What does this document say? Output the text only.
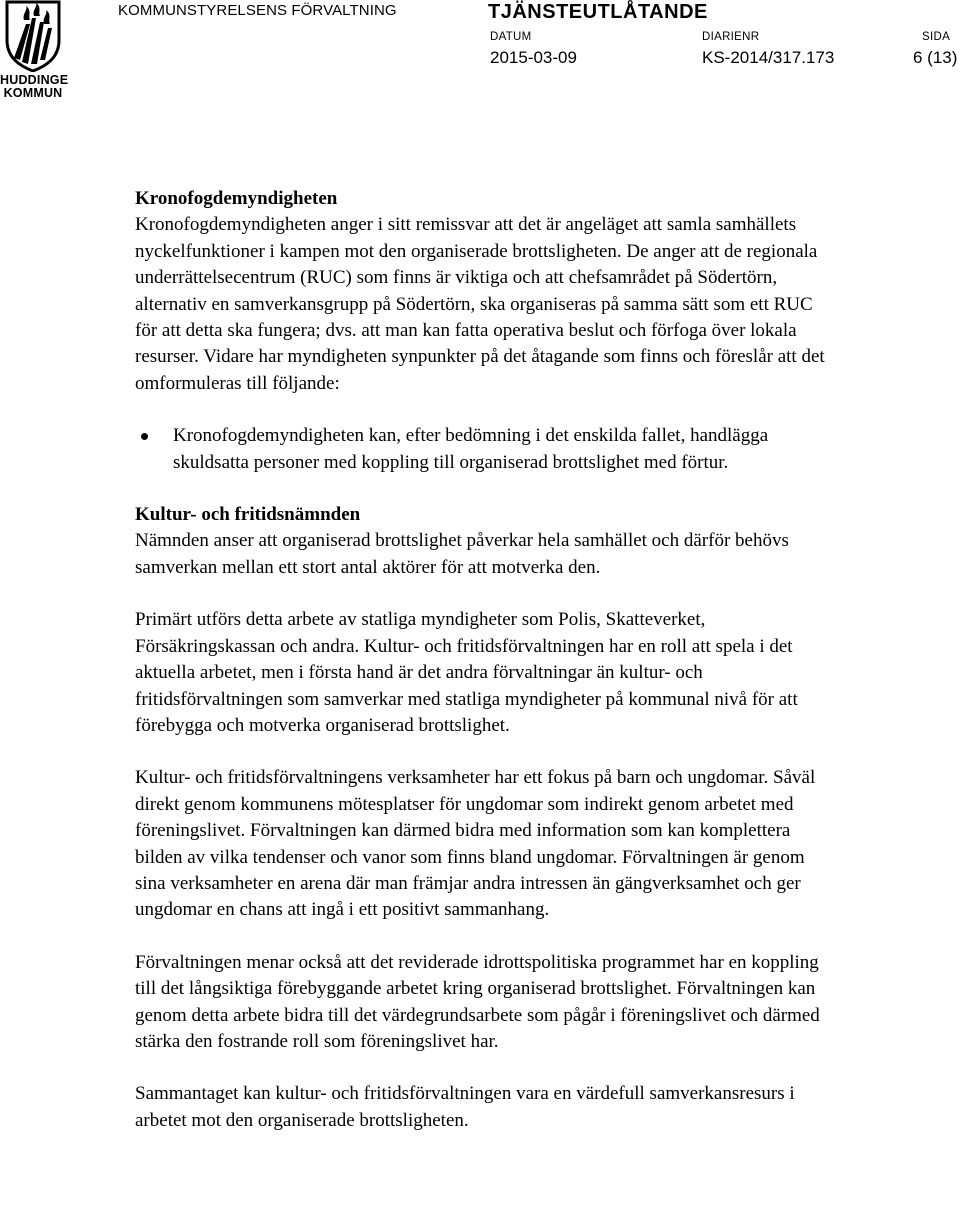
HUDDINGE
KOMMUN
KOMMUNSTYRELSENS FÖRVALTNING	TJÄNSTEUTLÅTANDE
DATUM
2015-03-09
DIARIENR
KS-2014/317.173
SIDA
6 (13)
Kronofogdemyndigheten

Kronofogdemyndigheten anger i sitt remissvar att det är angeläget att samla samhällets nyckelfunktioner i kampen mot den organiserade brottsligheten. De anger att de regionala underrättelsecentrum (RUC) som finns är viktiga och att chefsamrådet på Södertörn, alternativ en samverkansgrupp på Södertörn, ska organiseras på samma sätt som ett RUC för att detta ska fungera; dvs. att man kan fatta operativa beslut och förfoga över lokala resurser. Vidare har myndigheten synpunkter på det åtagande som finns och föreslår att det omformuleras till följande:

Kronofogdemyndigheten kan, efter bedömning i det enskilda fallet, handlägga skuldsatta personer med koppling till organiserad brottslighet med förtur.
Kultur- och fritidsnämnden

Nämnden anser att organiserad brottslighet påverkar hela samhället och därför behövs samverkan mellan ett stort antal aktörer för att motverka den.

Primärt utförs detta arbete av statliga myndigheter som Polis, Skatteverket, Försäkringskassan och andra. Kultur- och fritidsförvaltningen har en roll att spela i det aktuella arbetet, men i första hand är det andra förvaltningar än kultur- och fritidsförvaltningen som samverkar med statliga myndigheter på kommunal nivå för att förebygga och motverka organiserad brottslighet.

Kultur- och fritidsförvaltningens verksamheter har ett fokus på barn och ungdomar. Såväl direkt genom kommunens mötesplatser för ungdomar som indirekt genom arbetet med föreningslivet. Förvaltningen kan därmed bidra med information som kan komplettera bilden av vilka tendenser och vanor som finns bland ungdomar. Förvaltningen är genom sina verksamheter en arena där man främjar andra intressen än gängverksamhet och ger ungdomar en chans att ingå i ett positivt sammanhang.

Förvaltningen menar också att det reviderade idrottspolitiska programmet har en koppling till det långsiktiga förebyggande arbetet kring organiserad brottslighet. Förvaltningen kan genom detta arbete bidra till det värdegrundsarbete som pågår i föreningslivet och därmed stärka den fostrande roll som föreningslivet har.

Sammantaget kan kultur- och fritidsförvaltningen vara en värdefull samverkansresurs i arbetet mot den organiserade brottsligheten.
